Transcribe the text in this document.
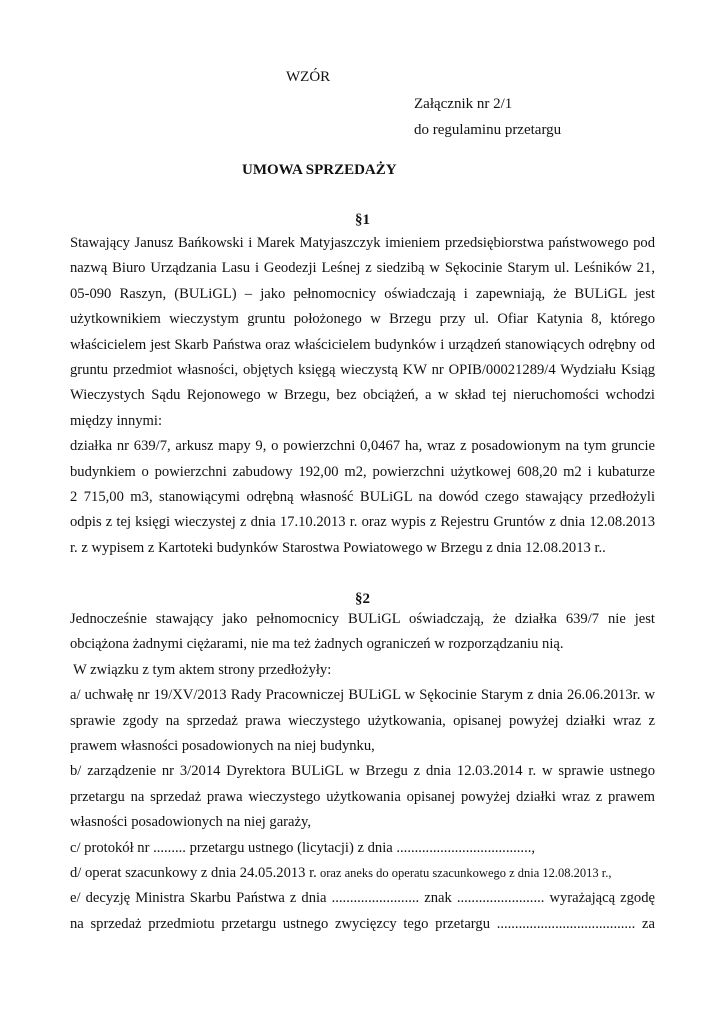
WZÓR
Załącznik nr 2/1
do regulaminu przetargu
UMOWA SPRZEDAŻY
§1
Stawający Janusz Bańkowski i Marek Matyjaszczyk imieniem przedsiębiorstwa państwowego pod
nazwą Biuro Urządzania Lasu i Geodezji Leśnej z siedzibą w Sękocinie Starym ul. Leśników 21,
05-090 Raszyn, (BULiGL) – jako pełnomocnicy oświadczają i zapewniają, że BULiGL jest
użytkownikiem wieczystym gruntu położonego w Brzegu przy ul. Ofiar Katynia 8, którego
właścicielem jest Skarb Państwa oraz właścicielem budynków i urządzeń stanowiących odrębny od
gruntu przedmiot własności, objętych księgą wieczystą KW nr OPIB/00021289/4 Wydziału Ksiąg
Wieczystych Sądu Rejonowego w Brzegu, bez obciążeń, a w skład tej nieruchomości wchodzi
między innymi:
działka nr 639/7, arkusz mapy 9, o powierzchni 0,0467 ha, wraz z posadowionym na tym gruncie
budynkiem o powierzchni zabudowy 192,00 m2, powierzchni użytkowej 608,20 m2 i kubaturze
2 715,00 m3, stanowiącymi odrębną własność BULiGL na dowód czego stawający przedłożyli
odpis z tej księgi wieczystej z dnia 17.10.2013 r. oraz wypis z Rejestru Gruntów z dnia 12.08.2013
r. z wypisem z Kartoteki budynków Starostwa Powiatowego w Brzegu z dnia 12.08.2013 r..
§2
Jednocześnie stawający jako pełnomocnicy BULiGL oświadczają, że działka 639/7 nie jest
obciążona żadnymi ciężarami, nie ma też żadnych ograniczeń w rozporządzaniu nią.
W związku z tym aktem strony przedłożyły:
a/ uchwałę nr 19/XV/2013 Rady Pracowniczej BULiGL w Sękocinie Starym z dnia 26.06.2013r. w
sprawie zgody na sprzedaż prawa wieczystego użytkowania, opisanej powyżej działki wraz z
prawem własności posadowionych na niej budynku,
b/ zarządzenie nr 3/2014 Dyrektora BULiGL w Brzegu z dnia 12.03.2014 r. w sprawie ustnego
przetargu na sprzedaż prawa wieczystego użytkowania opisanej powyżej działki wraz z prawem
własności posadowionych na niej garaży,
c/ protokół nr ......... przetargu ustnego (licytacji) z dnia .....................................,
d/ operat szacunkowy z dnia 24.05.2013 r. oraz aneks do operatu szacunkowego z dnia 12.08.2013 r.,
e/ decyzję Ministra Skarbu Państwa z dnia ........................ znak ........................ wyrażającą zgodę
na sprzedaż przedmiotu przetargu ustnego zwycięzcy tego przetargu ...................................... za
